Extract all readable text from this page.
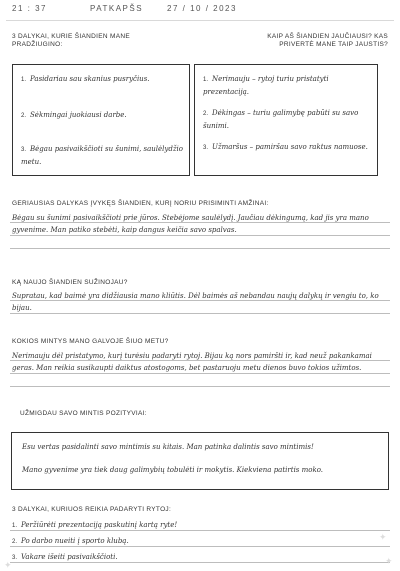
21 : 37	PATKAPŠS	27 / 10 / 2023
3 DALYKAI, KURIE ŠIANDIEN MANE PRADŽIUGINO:
KAIP AŠ ŠIANDIEN JAUČIAUSI? KAS PRIVERTĖ MANE TAIP JAUSTIS?
1. Pasidariau sau skanius pusryčius.
2. Sėkmingai juokiausi darbe.
3. Bėgau pasivaikščioti su šunimi, saulėlydžio metu.
1. Nerimauju – rytoj turiu pristatyti prezentaciją.
2. Dėkingas – turiu galimybę pabūti su savo šunimi.
3. Užmaršus – pamiršau savo raktus namuose.
GERIAUSIAS DALYKAS ĮVYKĘS ŠIANDIEN, KURĮ NORIU PRISIMINTI AMŽINAI:
Bėgau su šunimi pasivaikščioti prie jūros. Stebėjome saulėlydį. Jaučiau dėkingumą, kad jis yra mano gyvenime. Man patiko stebėti, kaip dangus keičia savo spalvas.
KĄ NAUJO ŠIANDIEN SUŽINOJAU?
Supratau, kad baimė yra didžiausia mano kliūtis. Dėl baimės aš nebandau naujų dalykų ir vengiu to, ko bijau.
KOKIOS MINTYS MANO GALVOJE ŠIUO METU?
Nerimauju dėl pristatymo, kurį turėsiu padaryti rytoj. Bijau ką nors pamiršti ir, kad neuž pakankamai geras. Man reikia susikaupti daiktus atostogoms, bet pastaruoju metu dienos buvo tokios užimtos.
UŽMIGDAU SAVO MINTIS POZITYVIAI:

Esu vertas pasidalinti savo mintimis su kitais. Man patinka dalintis savo mintimis!

Mano gyvenime yra tiek daug galimybių tobulėti ir mokytis. Kiekviena patirtis moko.

3 DALYKAI, KURIUOS REIKIA PADARYTI RYTOJ:
1. Peržiūrėti prezentaciją paskutinį kartą ryte!
2. Po darbo nueiti į sporto klubą.
3. Vakare išeiti pasivaikščioti.
✦
✦
✦
